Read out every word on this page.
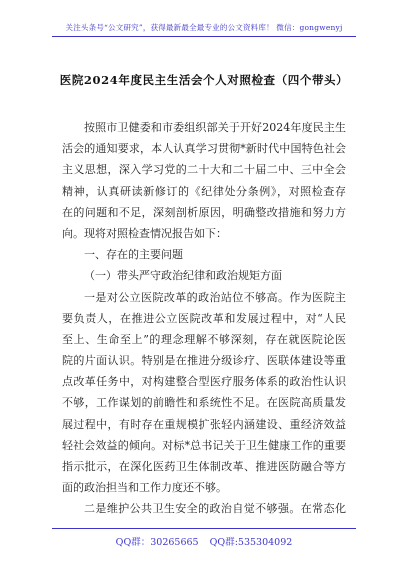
关注头条号“公文研究”，获得最新最全最专业的公文资料库！ 微信：gongwenyj
医院2024年度民主生活会个人对照检查（四个带头）
按照市卫健委和市委组织部关于开好2024年度民主生
活会的通知要求，本人认真学习贯彻*新时代中国特色社会
主义思想，深入学习党的二十大和二十届二中、三中全会
精神，认真研读新修订的《纪律处分条例》，对照检查存
在的问题和不足，深刻剖析原因，明确整改措施和努力方
向。现将对照检查情况报告如下：
一、存在的主要问题
（一）带头严守政治纪律和政治规矩方面
一是对公立医院改革的政治站位不够高。作为医院主
要负责人，在推进公立医院改革和发展过程中，对“人民
至上、生命至上”的理念理解不够深刻，存在就医院论医
院的片面认识。特别是在推进分级诊疗、医联体建设等重
点改革任务中，对构建整合型医疗服务体系的政治性认识
不够，工作谋划的前瞻性和系统性不足。在医院高质量发
展过程中，有时存在重规模扩张轻内涵建设、重经济效益
轻社会效益的倾向。对标*总书记关于卫生健康工作的重要
指示批示，在深化医药卫生体制改革、推进医防融合等方
面的政治担当和工作力度还不够。
二是维护公共卫生安全的政治自觉不够强。在常态化
QQ群：30265665 QQ群:535304092
